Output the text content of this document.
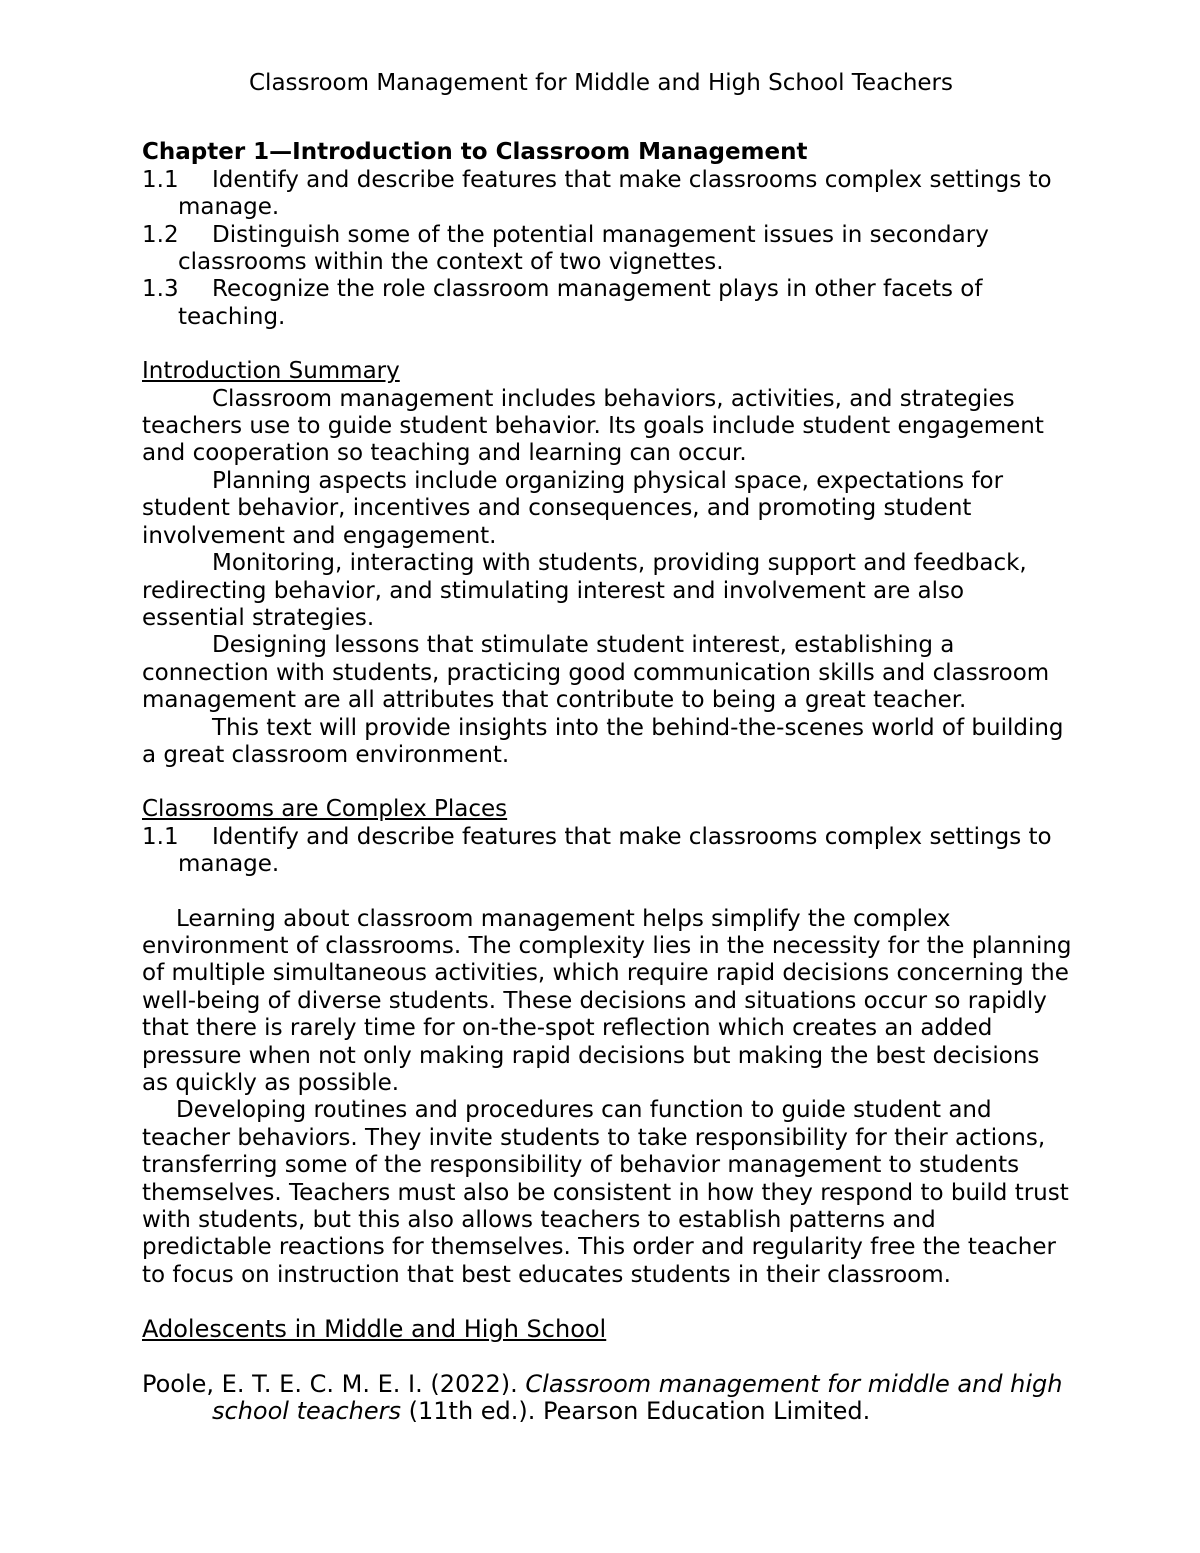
Classroom Management for Middle and High School Teachers

Chapter 1—Introduction to Classroom Management

1.1 Identify and describe features that make classrooms complex settings to manage.

1.2 Distinguish some of the potential management issues in secondary classrooms within the context of two vignettes.

1.3 Recognize the role classroom management plays in other facets of teaching.

Introduction Summary

Classroom management includes behaviors, activities, and strategies teachers use to guide student behavior. Its goals include student engagement and cooperation so teaching and learning can occur.

Planning aspects include organizing physical space, expectations for student behavior, incentives and consequences, and promoting student involvement and engagement.

Monitoring, interacting with students, providing support and feedback, redirecting behavior, and stimulating interest and involvement are also essential strategies.

Designing lessons that stimulate student interest, establishing a connection with students, practicing good communication skills and classroom management are all attributes that contribute to being a great teacher.

This text will provide insights into the behind-the-scenes world of building a great classroom environment.

Classrooms are Complex Places

1.1 Identify and describe features that make classrooms complex settings to manage.

Learning about classroom management helps simplify the complex environment of classrooms. The complexity lies in the necessity for the planning of multiple simultaneous activities, which require rapid decisions concerning the well-being of diverse students. These decisions and situations occur so rapidly that there is rarely time for on-the-spot reflection which creates an added pressure when not only making rapid decisions but making the best decisions as quickly as possible.

Developing routines and procedures can function to guide student and teacher behaviors. They invite students to take responsibility for their actions, transferring some of the responsibility of behavior management to students themselves. Teachers must also be consistent in how they respond to build trust with students, but this also allows teachers to establish patterns and predictable reactions for themselves. This order and regularity free the teacher to focus on instruction that best educates students in their classroom.

Adolescents in Middle and High School

Poole, E. T. E. C. M. E. I. (2022). Classroom management for middle and high school teachers (11th ed.). Pearson Education Limited.
